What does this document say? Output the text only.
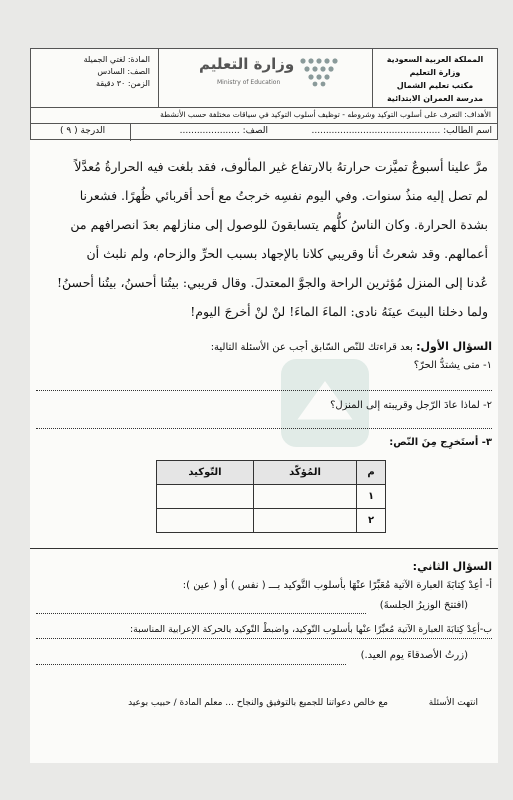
المملكة العربية السعودية
وزارة التعليم
مكتب تعليم الشمال
مدرسة العمران الابتدائية
وزارة التعليم
Ministry of Education
المادة: لغتي الجميلة
الصف: السادس
الزمن: ٣٠ دقيقة
الأهداف: التعرف على أسلوب التوكيد وشروطه - توظيف أسلوب التوكيد في سياقات مختلفة حسب الأنشطة
اسم الطالب: .............................................
الصف: .....................
الدرجة ( ٩ )

مرَّ علينا أسبوعٌ تميَّزت حرارتهُ بالارتفاع غير المألوف، فقد بلغت فيه الحرارةُ مُعدَّلاً

لم تصل إليه منذُ سنوات. وفي اليوم نفسِه خرجتُ مع أحد أقربائي ظُهرًا. فشعرنا

بشدة الحرارة. وكان الناسُ كلُّهم يتسابقونَ للوصول إلى منازلهم بعدَ انصرافهم من

أعمالهم. وقد شعرتُ أنا وقريبي كلانا بالإجهاد بسبب الحرِّ والزحام، ولم نلبث أن

عُدنا إلى المنزل مُؤثرين الراحة والجوَّ المعتدلَ. وقال قريبي: بيتُنا أحسنُ، بيتُنا أحسنُ!

ولما دخلنا البيتَ عينَهُ نادى: الماءَ الماءَ! لنْ لنْ أخرجَ اليوم!

السؤال الأول: بعد قراءتك للنّص السّابق أجب عن الأسئلة التالية:
١- متى يشتدُّ الحرّ؟
٢- لماذا عادَ الرّجل وقريبته إلى المنزل؟
٣- أستَخرِج مِنَ النّص:
م	المُؤكّد	التّوكيد
١		
٢		
السؤال الثاني:
أ- أعِدْ كِتابَةَ العبارة الآتية مُعَبِّرًا عنْهَا بأسلوب التَّوكيد بـــ ( نفس ) أو ( عين ):
(افتتحَ الوزيرُ الجلسةَ)
ب-أعِدْ كِتابَةَ العبارة الآتية مُعبِّرًا عنْها بأسلوب التّوكيد، واضبطْ التّوكيد بالحركة الإعرابية المناسبة:
(زرتُ الأصدقاءَ يوم العيد.)
انتهت الأسئلة
مع خالص دعواتنا للجميع بالتوفيق والنجاح ... معلم المادة / حبيب بوعيد
